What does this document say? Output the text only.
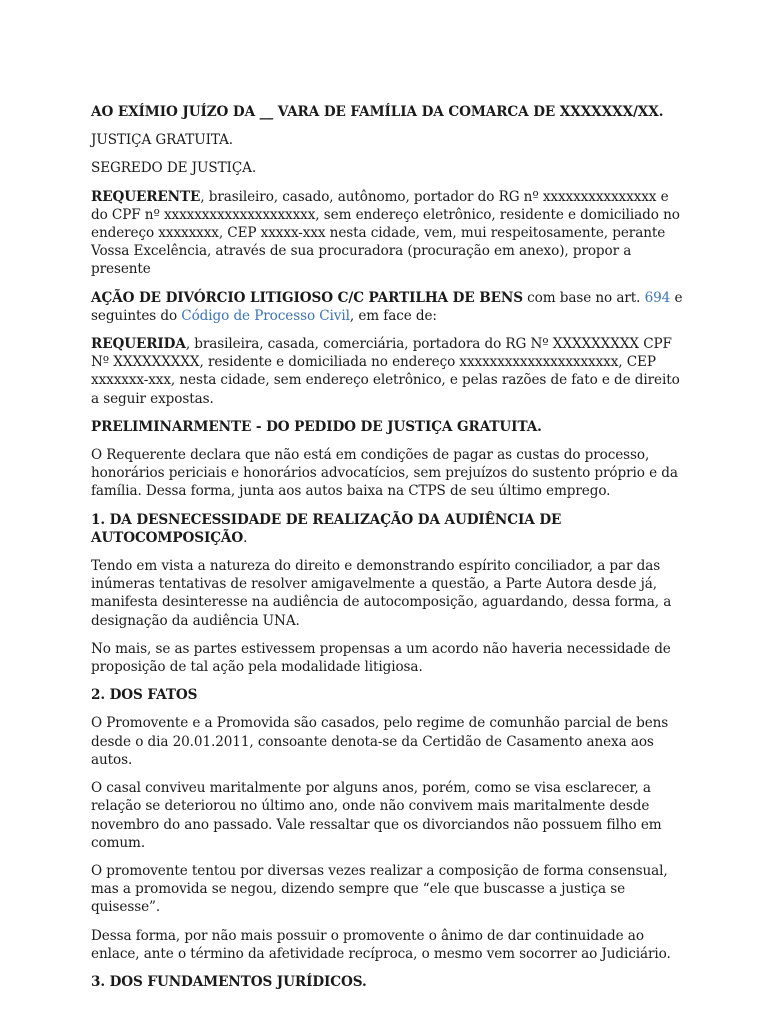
AO EXÍMIO JUÍZO DA __ VARA DE FAMÍLIA DA COMARCA DE XXXXXXX/XX.

JUSTIÇA GRATUITA.

SEGREDO DE JUSTIÇA.

REQUERENTE, brasileiro, casado, autônomo, portador do RG nº xxxxxxxxxxxxxxx e do CPF nº xxxxxxxxxxxxxxxxxxxx, sem endereço eletrônico, residente e domiciliado no endereço xxxxxxxx, CEP xxxxx-xxx nesta cidade, vem, mui respeitosamente, perante Vossa Excelência, através de sua procuradora (procuração em anexo), propor a presente

AÇÃO DE DIVÓRCIO LITIGIOSO C/C PARTILHA DE BENS com base no art. 694 e seguintes do Código de Processo Civil, em face de:

REQUERIDA, brasileira, casada, comerciária, portadora do RG Nº XXXXXXXXX CPF Nº XXXXXXXXX, residente e domiciliada no endereço xxxxxxxxxxxxxxxxxxxxx, CEP xxxxxxx-xxx, nesta cidade, sem endereço eletrônico, e pelas razões de fato e de direito a seguir expostas.

PRELIMINARMENTE - DO PEDIDO DE JUSTIÇA GRATUITA.

O Requerente declara que não está em condições de pagar as custas do processo, honorários periciais e honorários advocatícios, sem prejuízos do sustento próprio e da família. Dessa forma, junta aos autos baixa na CTPS de seu último emprego.

1. DA DESNECESSIDADE DE REALIZAÇÃO DA AUDIÊNCIA DE AUTOCOMPOSIÇÃO.

Tendo em vista a natureza do direito e demonstrando espírito conciliador, a par das inúmeras tentativas de resolver amigavelmente a questão, a Parte Autora desde já, manifesta desinteresse na audiência de autocomposição, aguardando, dessa forma, a designação da audiência UNA.

No mais, se as partes estivessem propensas a um acordo não haveria necessidade de proposição de tal ação pela modalidade litigiosa.

2. DOS FATOS

O Promovente e a Promovida são casados, pelo regime de comunhão parcial de bens desde o dia 20.01.2011, consoante denota-se da Certidão de Casamento anexa aos autos.

O casal conviveu maritalmente por alguns anos, porém, como se visa esclarecer, a relação se deteriorou no último ano, onde não convivem mais maritalmente desde novembro do ano passado. Vale ressaltar que os divorciandos não possuem filho em comum.

O promovente tentou por diversas vezes realizar a composição de forma consensual, mas a promovida se negou, dizendo sempre que “ele que buscasse a justiça se quisesse”.

Dessa forma, por não mais possuir o promovente o ânimo de dar continuidade ao enlace, ante o término da afetividade recíproca, o mesmo vem socorrer ao Judiciário.

3. DOS FUNDAMENTOS JURÍDICOS.
